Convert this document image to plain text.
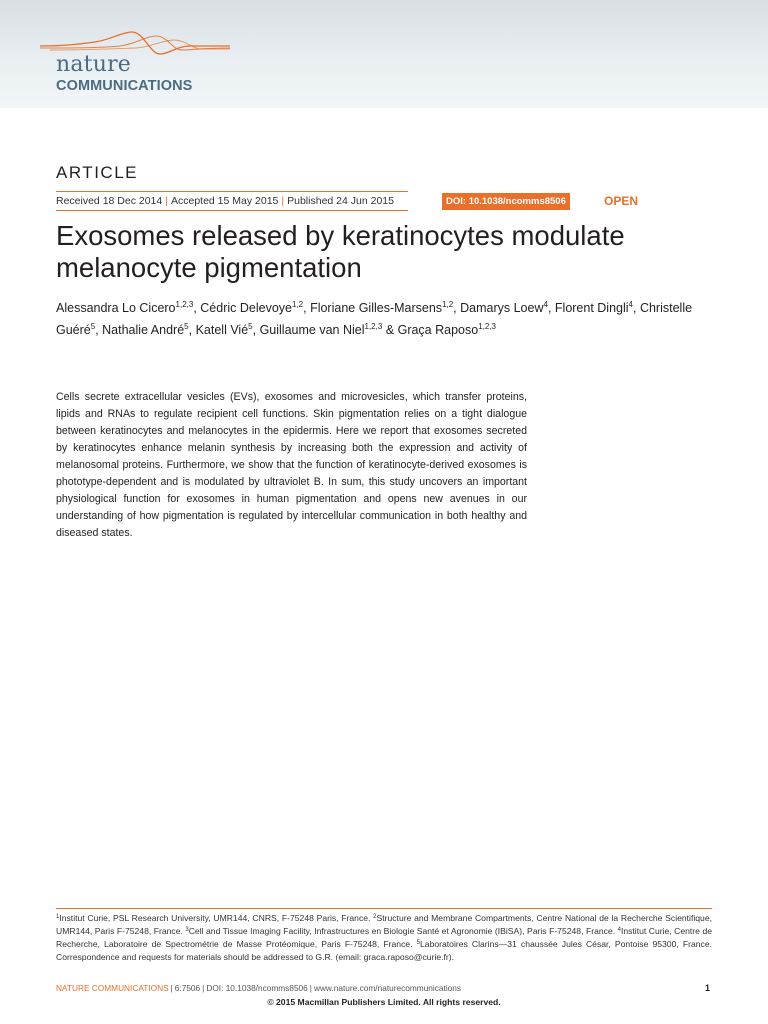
nature
COMMUNICATIONS
ARTICLE
Received 18 Dec 2014 | Accepted 15 May 2015 | Published 24 Jun 2015	DOI: 10.1038/ncomms8506	OPEN
Exosomes released by keratinocytes modulate melanocyte pigmentation

Alessandra Lo Cicero$^{1,2,3}$, Cédric Delevoye$^{1,2}$, Floriane Gilles-Marsens$^{1,2}$, Damarys Loew$^4$, Florent Dingli$^4$, Christelle Guéré$^5$, Nathalie André$^5$, Katell Vié$^5$, Guillaume van Niel$^{1,2,3}$ & Graça Raposo$^{1,2,3}$

Cells secrete extracellular vesicles (EVs), exosomes and microvesicles, which transfer proteins, lipids and RNAs to regulate recipient cell functions. Skin pigmentation relies on a tight dialogue between keratinocytes and melanocytes in the epidermis. Here we report that exosomes secreted by keratinocytes enhance melanin synthesis by increasing both the expression and activity of melanosomal proteins. Furthermore, we show that the function of keratinocyte-derived exosomes is phototype-dependent and is modulated by ultraviolet B. In sum, this study uncovers an important physiological function for exosomes in human pigmentation and opens new avenues in our understanding of how pigmentation is regulated by intercellular communication in both healthy and diseased states.

$^1$Institut Curie, PSL Research University, UMR144, CNRS, F-75248 Paris, France. $^2$Structure and Membrane Compartments, Centre National de la Recherche Scientifique, UMR144, Paris F-75248, France. $^3$Cell and Tissue Imaging Facility, Infrastructures en Biologie Santé et Agronomie (IBiSA), Paris F-75248, France. $^4$Institut Curie, Centre de Recherche, Laboratoire de Spectrométrie de Masse Protéomique, Paris F-75248, France. $^5$Laboratoires Clarins—31 chaussée Jules César, Pontoise 95300, France. Correspondence and requests for materials should be addressed to G.R. (email: graca.raposo@curie.fr).

NATURE COMMUNICATIONS | 6:7506 | DOI: 10.1038/ncomms8506 | www.nature.com/naturecommunications	1
© 2015 Macmillan Publishers Limited. All rights reserved.
